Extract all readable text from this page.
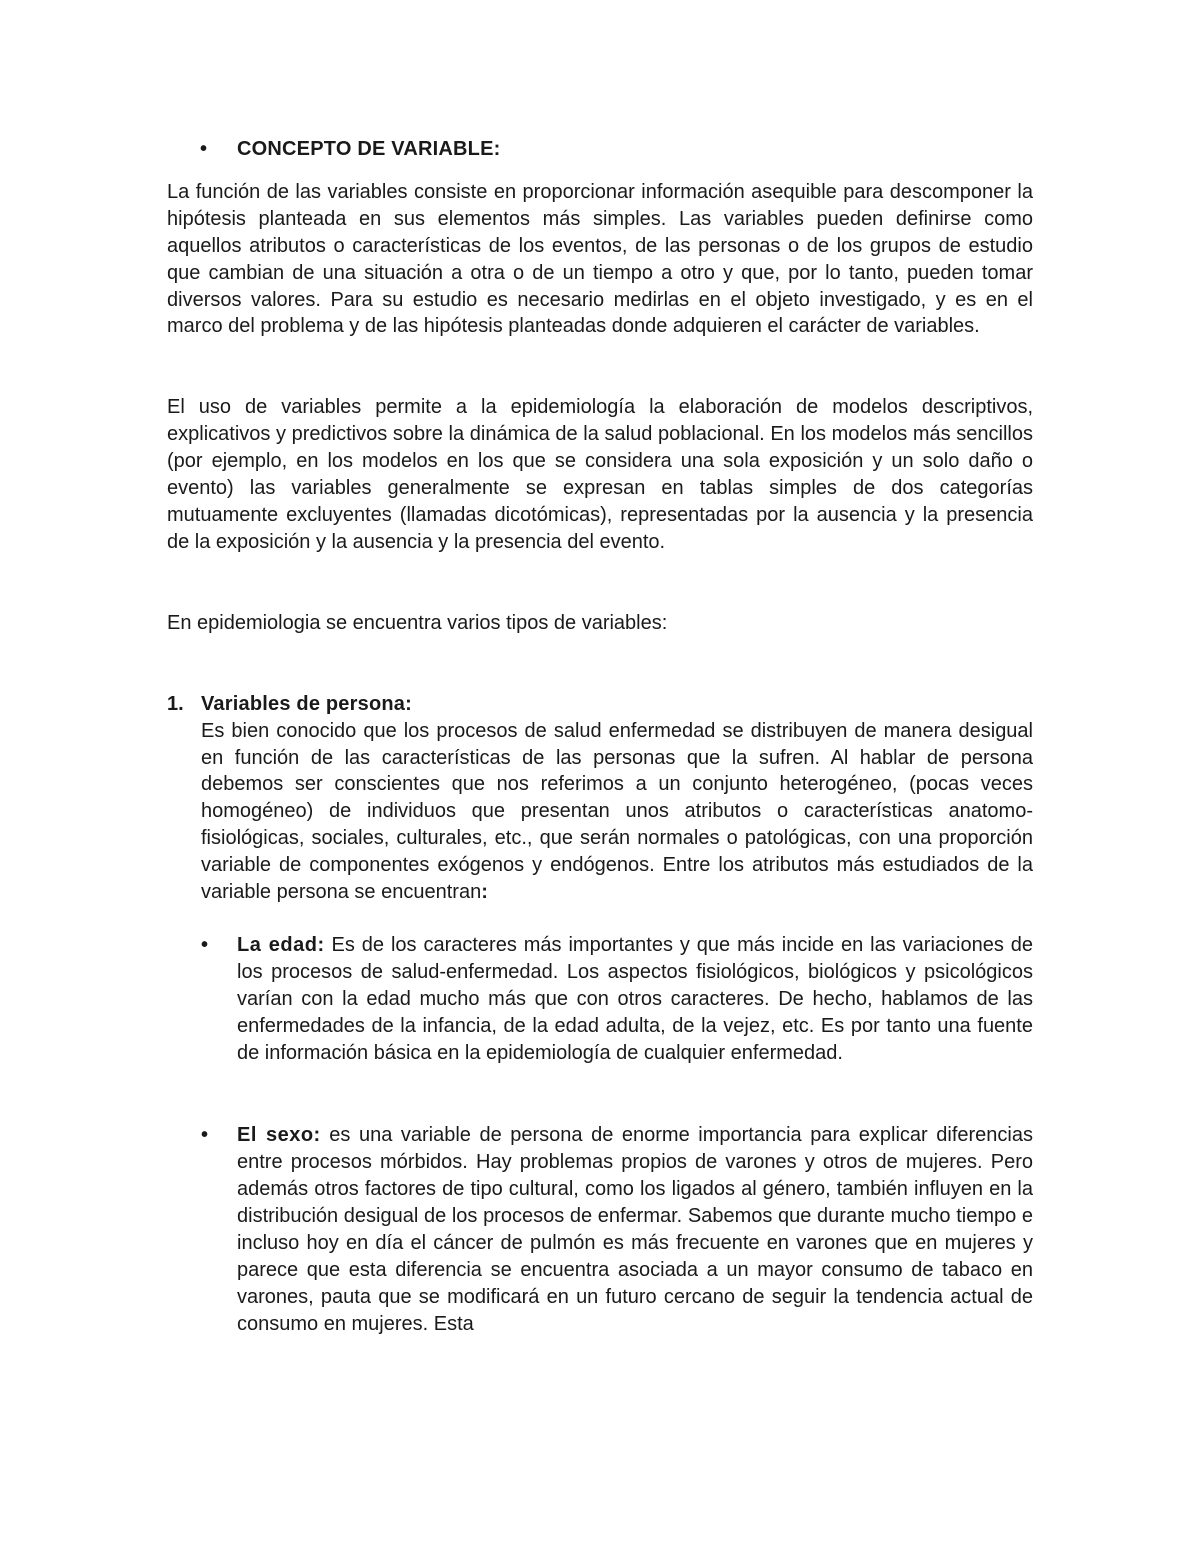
• CONCEPTO DE VARIABLE:

La función de las variables consiste en proporcionar información asequible para descomponer la hipótesis planteada en sus elementos más simples. Las variables pueden definirse como aquellos atributos o características de los eventos, de las personas o de los grupos de estudio que cambian de una situación a otra o de un tiempo a otro y que, por lo tanto, pueden tomar diversos valores. Para su estudio es necesario medirlas en el objeto investigado, y es en el marco del problema y de las hipótesis planteadas donde adquieren el carácter de variables.

El uso de variables permite a la epidemiología la elaboración de modelos descriptivos, explicativos y predictivos sobre la dinámica de la salud poblacional. En los modelos más sencillos (por ejemplo, en los modelos en los que se considera una sola exposición y un solo daño o evento) las variables generalmente se expresan en tablas simples de dos categorías mutuamente excluyentes (llamadas dicotómicas), representadas por la ausencia y la presencia de la exposición y la ausencia y la presencia del evento.

En epidemiologia se encuentra varios tipos de variables:

1. Variables de persona:

Es bien conocido que los procesos de salud enfermedad se distribuyen de manera desigual en función de las características de las personas que la sufren. Al hablar de persona debemos ser conscientes que nos referimos a un conjunto heterogéneo, (pocas veces homogéneo) de individuos que presentan unos atributos o características anatomo-fisiológicas, sociales, culturales, etc., que serán normales o patológicas, con una proporción variable de componentes exógenos y endógenos. Entre los atributos más estudiados de la variable persona se encuentran:

• La edad: Es de los caracteres más importantes y que más incide en las variaciones de los procesos de salud-enfermedad. Los aspectos fisiológicos, biológicos y psicológicos varían con la edad mucho más que con otros caracteres. De hecho, hablamos de las enfermedades de la infancia, de la edad adulta, de la vejez, etc. Es por tanto una fuente de información básica en la epidemiología de cualquier enfermedad.
• El sexo: es una variable de persona de enorme importancia para explicar diferencias entre procesos mórbidos. Hay problemas propios de varones y otros de mujeres. Pero además otros factores de tipo cultural, como los ligados al género, también influyen en la distribución desigual de los procesos de enfermar. Sabemos que durante mucho tiempo e incluso hoy en día el cáncer de pulmón es más frecuente en varones que en mujeres y parece que esta diferencia se encuentra asociada a un mayor consumo de tabaco en varones, pauta que se modificará en un futuro cercano de seguir la tendencia actual de consumo en mujeres. Esta
